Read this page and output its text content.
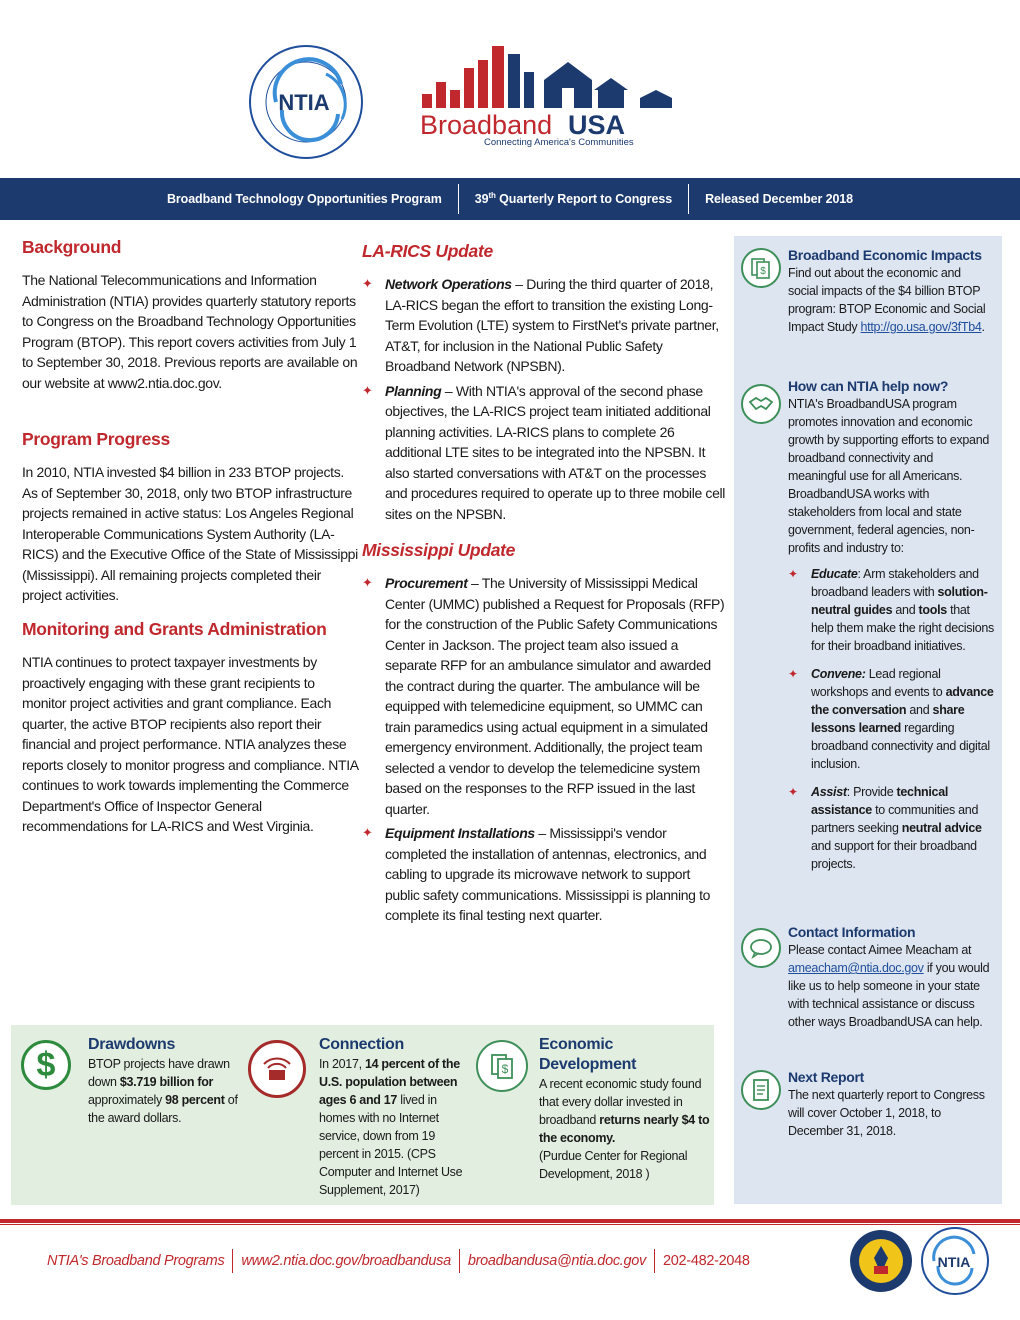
NTIA
Broadband USA
Connecting America's Communities
Broadband Technology Opportunities Program	39th Quarterly Report to Congress	Released December 2018
Background

The National Telecommunications and Information Administration (NTIA) provides quarterly statutory reports to Congress on the Broadband Technology Opportunities Program (BTOP). This report covers activities from July 1 to September 30, 2018. Previous reports are available on our website at www2.ntia.doc.gov.

Program Progress

In 2010, NTIA invested $4 billion in 233 BTOP projects. As of September 30, 2018, only two BTOP infrastructure projects remained in active status: Los Angeles Regional Interoperable Communications System Authority (LA-RICS) and the Executive Office of the State of Mississippi (Mississippi). All remaining projects completed their project activities.

Monitoring and Grants Administration

NTIA continues to protect taxpayer investments by proactively engaging with these grant recipients to monitor project activities and grant compliance. Each quarter, the active BTOP recipients also report their financial and project performance. NTIA analyzes these reports closely to monitor progress and compliance. NTIA continues to work towards implementing the Commerce Department's Office of Inspector General recommendations for LA-RICS and West Virginia.

LA-RICS Update
✦ Network Operations – During the third quarter of 2018, LA-RICS began the effort to transition the existing Long-Term Evolution (LTE) system to FirstNet's private partner, AT&T, for inclusion in the National Public Safety Broadband Network (NPSBN).
✦ Planning – With NTIA's approval of the second phase objectives, the LA-RICS project team initiated additional planning activities. LA-RICS plans to complete 26 additional LTE sites to be integrated into the NPSBN. It also started conversations with AT&T on the processes and procedures required to operate up to three mobile cell sites on the NPSBN.
Mississippi Update
✦ Procurement – The University of Mississippi Medical Center (UMMC) published a Request for Proposals (RFP) for the construction of the Public Safety Communications Center in Jackson. The project team also issued a separate RFP for an ambulance simulator and awarded the contract during the quarter. The ambulance will be equipped with telemedicine equipment, so UMMC can train paramedics using actual equipment in a simulated emergency environment. Additionally, the project team selected a vendor to develop the telemedicine system based on the responses to the RFP issued in the last quarter.
✦ Equipment Installations – Mississippi's vendor completed the installation of antennas, electronics, and cabling to upgrade its microwave network to support public safety communications. Mississippi is planning to complete its final testing next quarter.
$
Broadband Economic Impacts
Find out about the economic and social impacts of the $4 billion BTOP program: BTOP Economic and Social Impact Study http://go.usa.gov/3fTb4.
How can NTIA help now?
NTIA's BroadbandUSA program promotes innovation and economic growth by supporting efforts to expand broadband connectivity and meaningful use for all Americans. BroadbandUSA works with stakeholders from local and state government, federal agencies, non-profits and industry to:
✦ Educate: Arm stakeholders and broadband leaders with solution-neutral guides and tools that help them make the right decisions for their broadband initiatives.
✦ Convene: Lead regional workshops and events to advance the conversation and share lessons learned regarding broadband connectivity and digital inclusion.
✦ Assist: Provide technical assistance to communities and partners seeking neutral advice and support for their broadband projects.
Contact Information
Please contact Aimee Meacham at ameacham@ntia.doc.gov if you would like us to help someone in your state with technical assistance or discuss other ways BroadbandUSA can help.
Next Report
The next quarterly report to Congress will cover October 1, 2018, to December 31, 2018.
$
Drawdowns
BTOP projects have drawn down $3.719 billion for approximately 98 percent of the award dollars.
Connection
In 2017, 14 percent of the U.S. population between ages 6 and 17 lived in homes with no Internet service, down from 19 percent in 2015. (CPS Computer and Internet Use Supplement, 2017)
$
Economic Development
A recent economic study found that every dollar invested in broadband returns nearly $4 to the economy.
(Purdue Center for Regional Development, 2018 )
NTIA's Broadband Programs www2.ntia.doc.gov/broadbandusa broadbandusa@ntia.doc.gov 202-482-2048	NTIA
